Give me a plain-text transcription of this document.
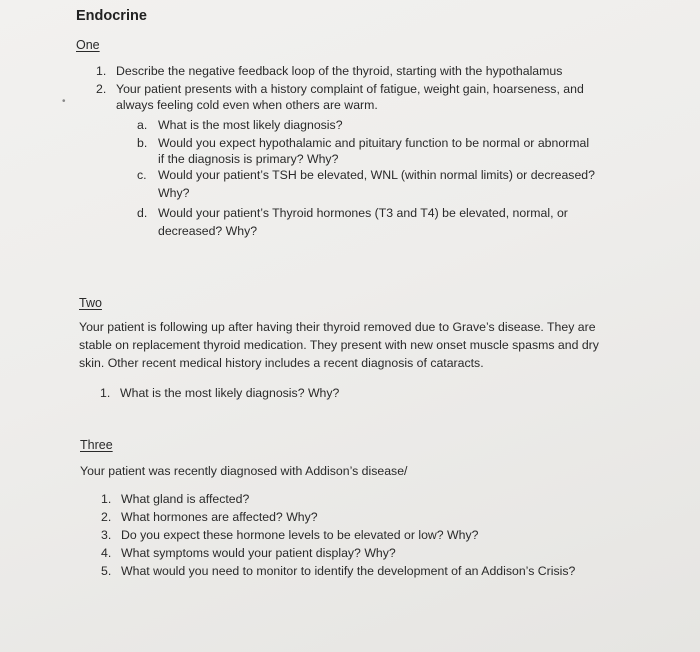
Endocrine
One
1. Describe the negative feedback loop of the thyroid, starting with the hypothalamus
2. Your patient presents with a history complaint of fatigue, weight gain, hoarseness, and
always feeling cold even when others are warm.
•
a. What is the most likely diagnosis?
b. Would you expect hypothalamic and pituitary function to be normal or abnormal
if the diagnosis is primary? Why?
c. Would your patient’s TSH be elevated, WNL (within normal limits) or decreased?
Why?
d. Would your patient’s Thyroid hormones (T3 and T4) be elevated, normal, or
decreased? Why?
Two
Your patient is following up after having their thyroid removed due to Grave’s disease. They are
stable on replacement thyroid medication. They present with new onset muscle spasms and dry
skin. Other recent medical history includes a recent diagnosis of cataracts.
1. What is the most likely diagnosis? Why?
Three
Your patient was recently diagnosed with Addison’s disease/
1. What gland is affected?
2. What hormones are affected? Why?
3. Do you expect these hormone levels to be elevated or low? Why?
4. What symptoms would your patient display? Why?
5. What would you need to monitor to identify the development of an Addison’s Crisis?
